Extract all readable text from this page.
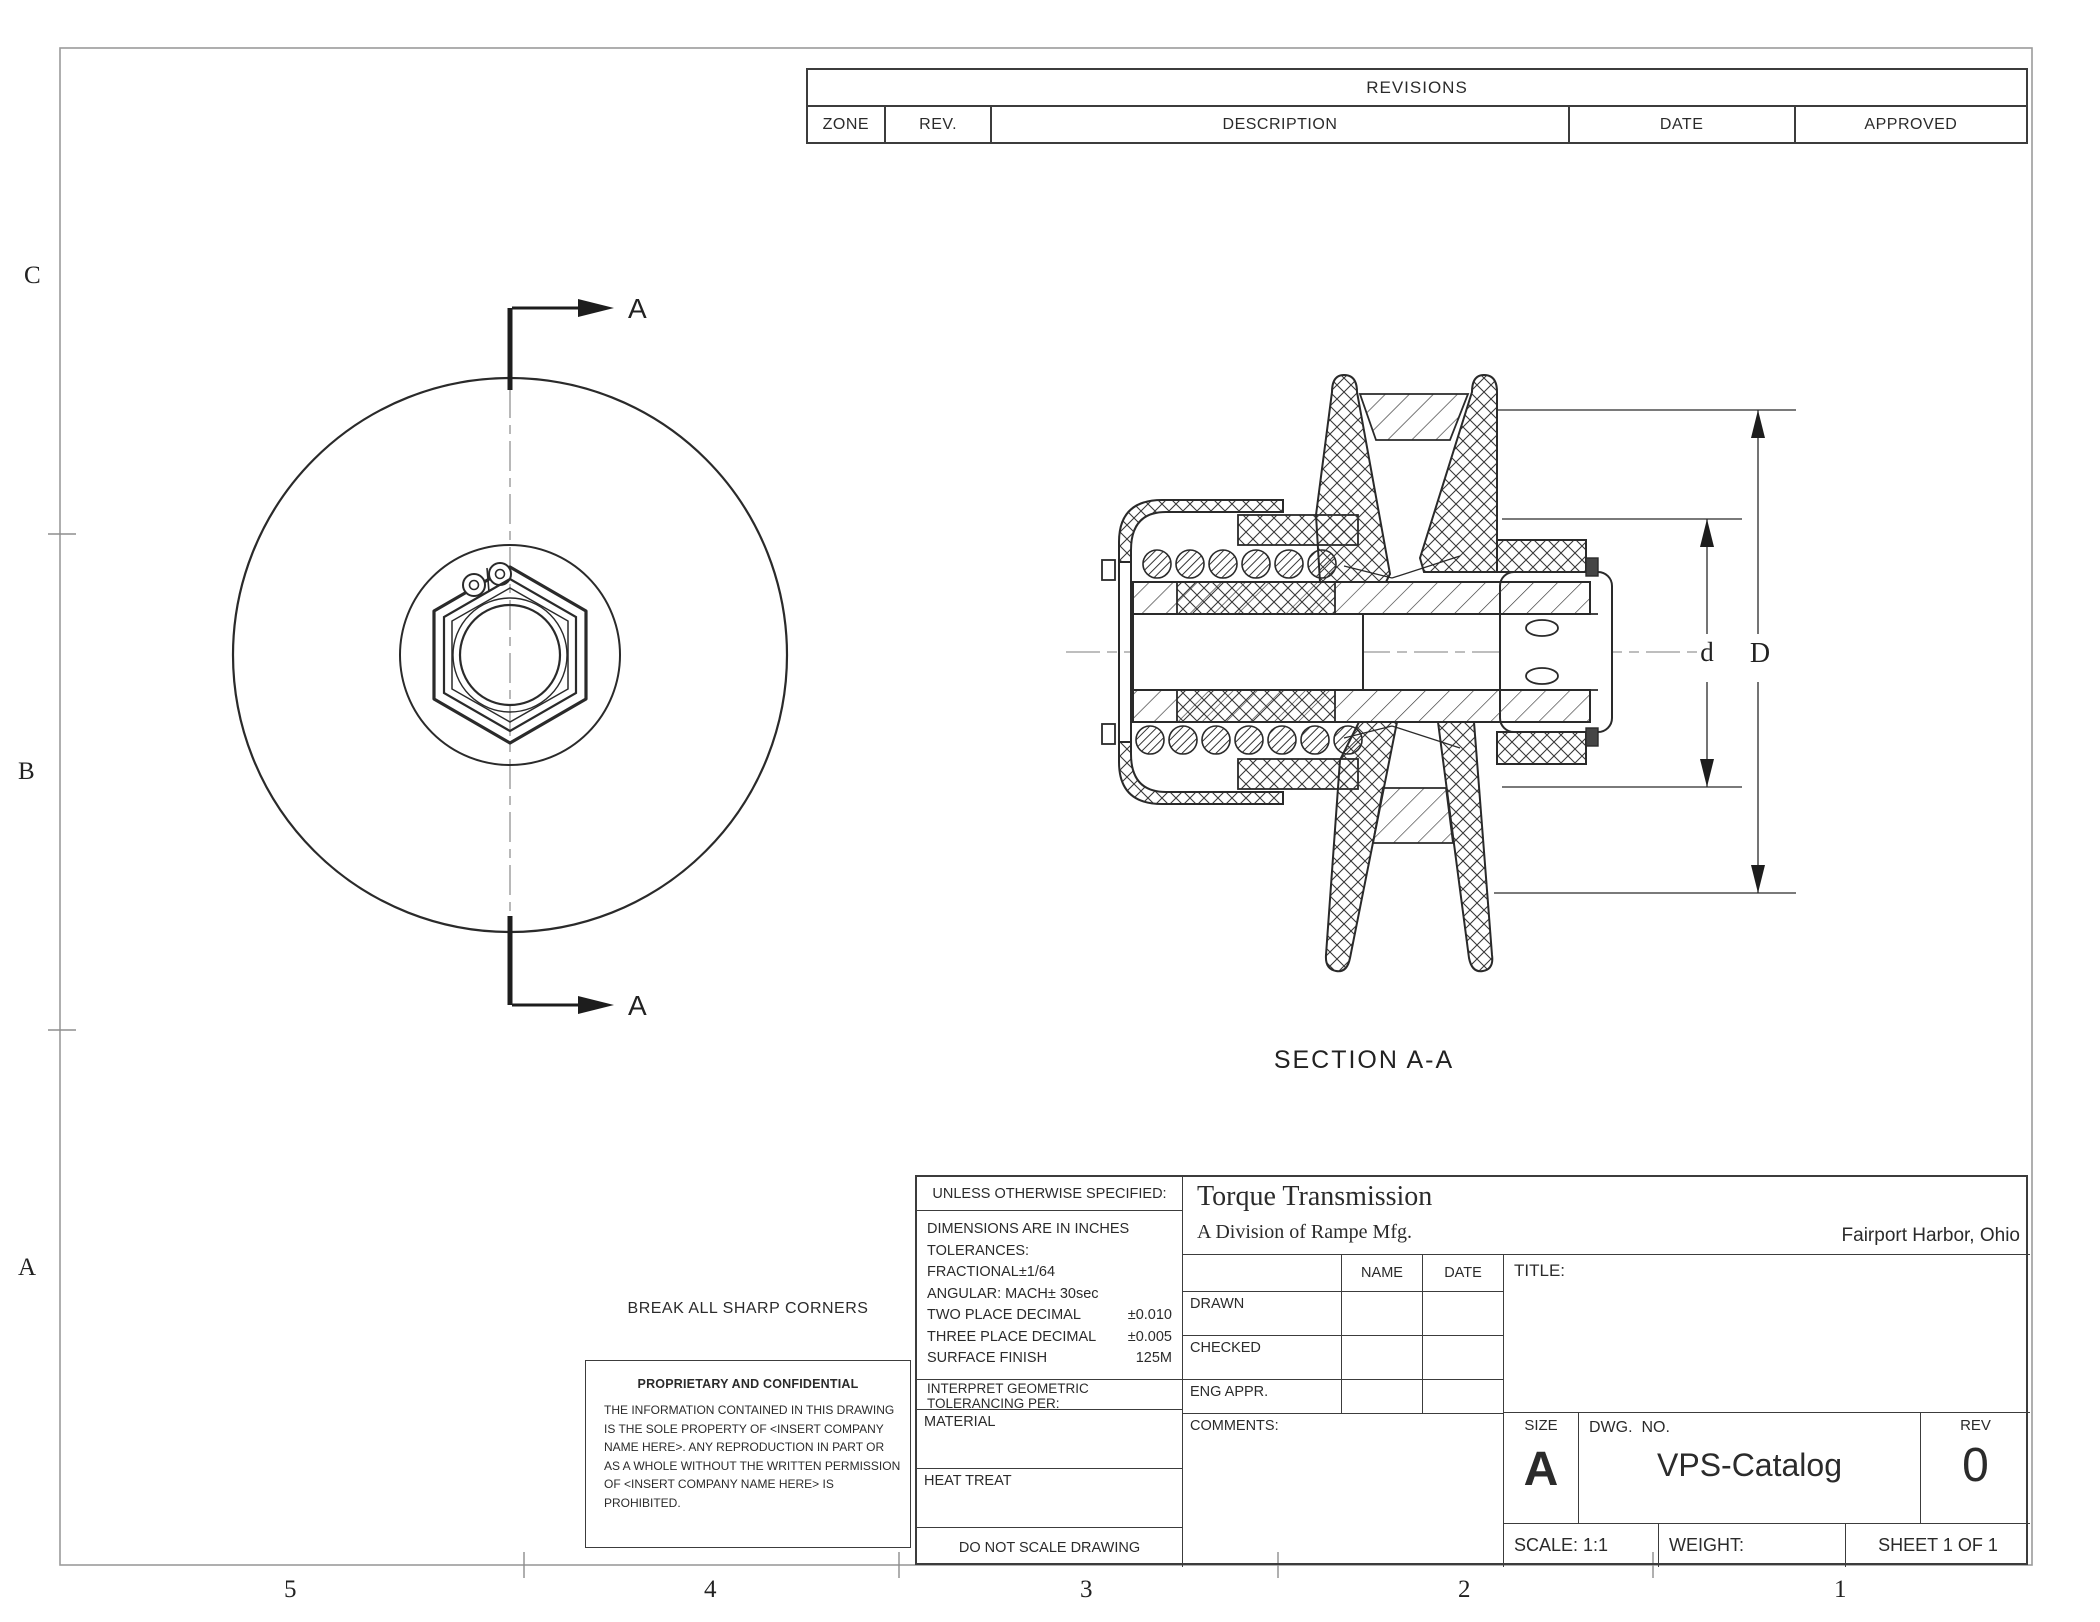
A
A
d D
SECTION A-A
REVISIONS
ZONE	REV.	DESCRIPTION	DATE	APPROVED
BREAK ALL SHARP CORNERS
PROPRIETARY AND CONFIDENTIAL
THE INFORMATION CONTAINED IN THIS DRAWING IS THE SOLE PROPERTY OF <INSERT COMPANY NAME HERE>. ANY REPRODUCTION IN PART OR AS A WHOLE WITHOUT THE WRITTEN PERMISSION OF <INSERT COMPANY NAME HERE> IS PROHIBITED.
UNLESS OTHERWISE SPECIFIED:
DIMENSIONS ARE IN INCHES
TOLERANCES:
FRACTIONAL±1/64
ANGULAR: MACH± 30sec
TWO PLACE DECIMAL	±0.010
THREE PLACE DECIMAL ±0.005
SURFACE FINISH	125M
INTERPRET GEOMETRIC
TOLERANCING PER:
MATERIAL
HEAT TREAT
DO NOT SCALE DRAWING
Torque Transmission
A Division of Rampe Mfg.	Fairport Harbor, Ohio
NAME	DATE
DRAWN
CHECKED
ENG APPR.
COMMENTS:
TITLE:
SIZE
A
DWG.  NO.
VPS-Catalog
REV
0
SCALE: 1:1	WEIGHT:	SHEET 1 OF 1
C
B
A
5	4	3	2	1
